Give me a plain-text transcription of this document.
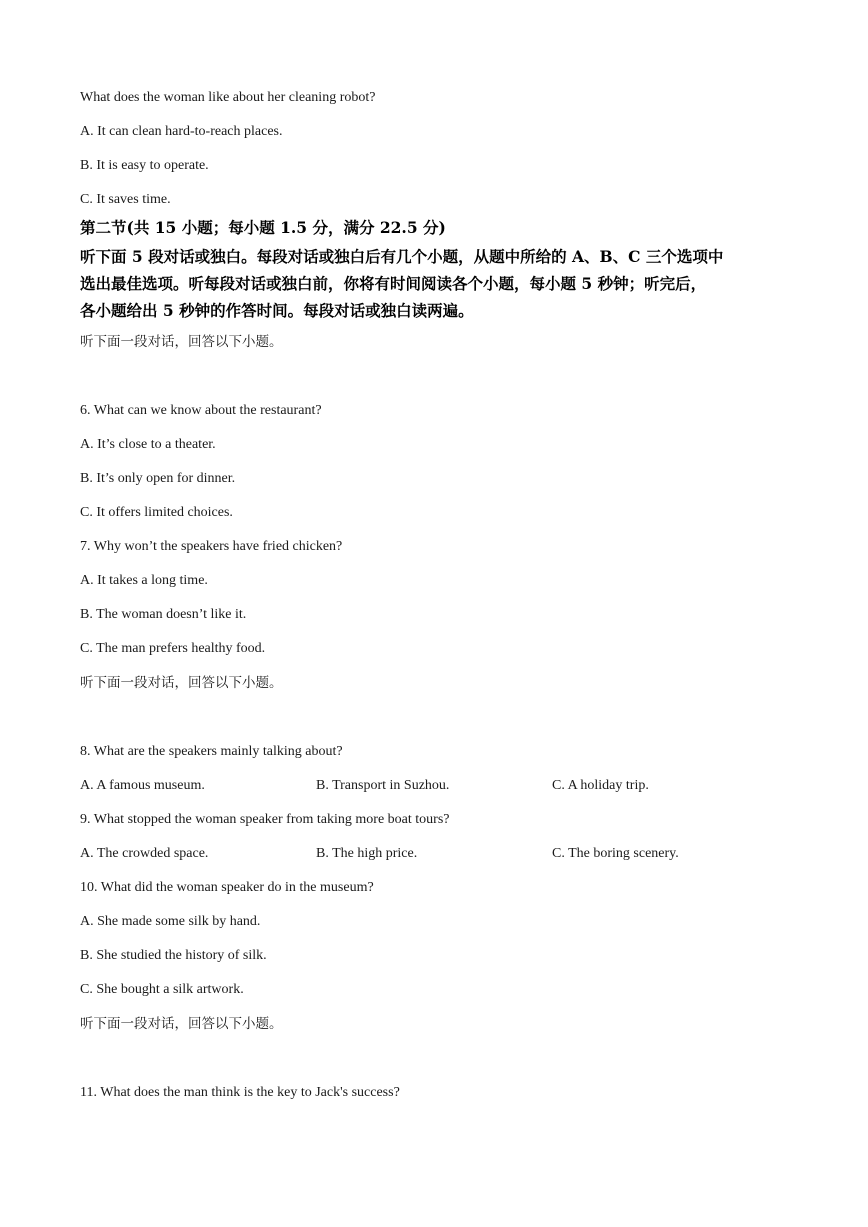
What does the woman like about her cleaning robot?
A. It can clean hard-to-reach places.
B. It is easy to operate.
C. It saves time.
第二节(共 15 小题；每小题 1.5 分，满分 22.5 分)
听下面 5 段对话或独白。每段对话或独白后有几个小题，从题中所给的 A、B、C 三个选项中
选出最佳选项。听每段对话或独白前，你将有时间阅读各个小题，每小题 5 秒钟；听完后，
各小题给出 5 秒钟的作答时间。每段对话或独白读两遍。
听下面一段对话，回答以下小题。
6. What can we know about the restaurant?
A. It’s close to a theater.
B. It’s only open for dinner.
C. It offers limited choices.
7. Why won’t the speakers have fried chicken?
A. It takes a long time.
B. The woman doesn’t like it.
C. The man prefers healthy food.
听下面一段对话，回答以下小题。
8. What are the speakers mainly talking about?
A. A famous museum.	B. Transport in Suzhou.	C. A holiday trip.
9. What stopped the woman speaker from taking more boat tours?
A. The crowded space.	B. The high price.	C. The boring scenery.
10. What did the woman speaker do in the museum?
A. She made some silk by hand.
B. She studied the history of silk.
C. She bought a silk artwork.
听下面一段对话，回答以下小题。
11. What does the man think is the key to Jack's success?
